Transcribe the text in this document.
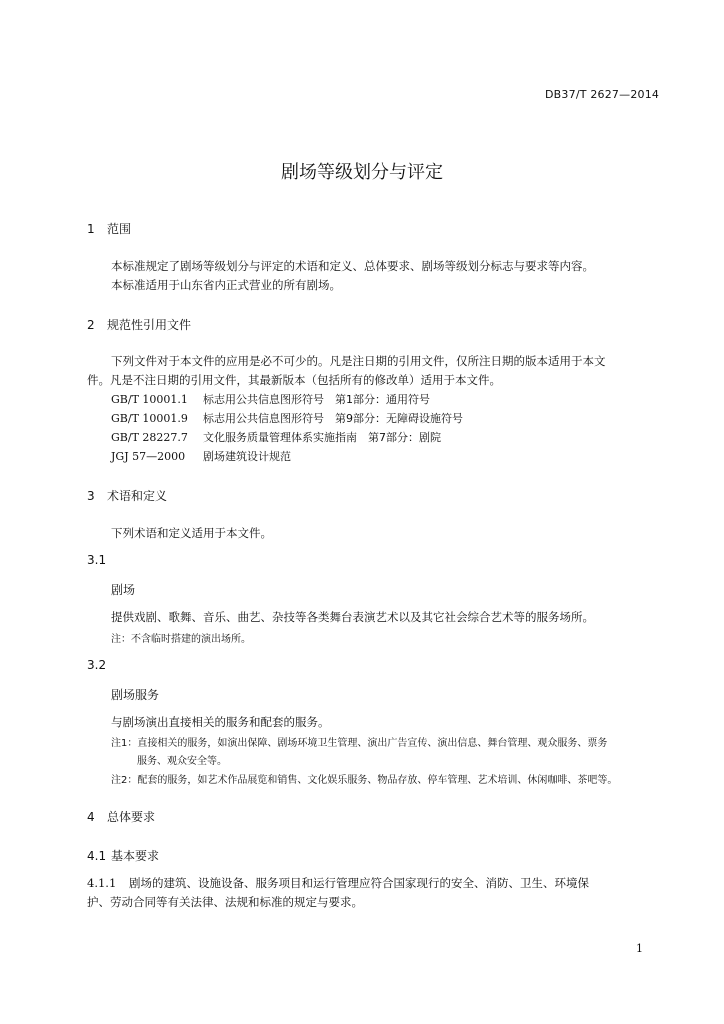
DB37/T 2627—2014
剧场等级划分与评定
1 范围
本标准规定了剧场等级划分与评定的术语和定义、总体要求、剧场等级划分标志与要求等内容。
本标准适用于山东省内正式营业的所有剧场。
2 规范性引用文件
下列文件对于本文件的应用是必不可少的。凡是注日期的引用文件，仅所注日期的版本适用于本文
件。凡是不注日期的引用文件，其最新版本（包括所有的修改单）适用于本文件。
GB/T 10001.1 标志用公共信息图形符号　第1部分：通用符号
GB/T 10001.9 标志用公共信息图形符号　第9部分：无障碍设施符号
GB/T 28227.7 文化服务质量管理体系实施指南　第7部分：剧院
JGJ 57—2000 剧场建筑设计规范
3 术语和定义
下列术语和定义适用于本文件。
3.1
剧场
提供戏剧、歌舞、音乐、曲艺、杂技等各类舞台表演艺术以及其它社会综合艺术等的服务场所。
注：不含临时搭建的演出场所。
3.2
剧场服务
与剧场演出直接相关的服务和配套的服务。
注1：直接相关的服务，如演出保障、剧场环境卫生管理、演出广告宣传、演出信息、舞台管理、观众服务、票务
服务、观众安全等。
注2：配套的服务，如艺术作品展览和销售、文化娱乐服务、物品存放、停车管理、艺术培训、休闲咖啡、茶吧等。
4 总体要求
4.1 基本要求
4.1.1 剧场的建筑、设施设备、服务项目和运行管理应符合国家现行的安全、消防、卫生、环境保
护、劳动合同等有关法律、法规和标准的规定与要求。
1
